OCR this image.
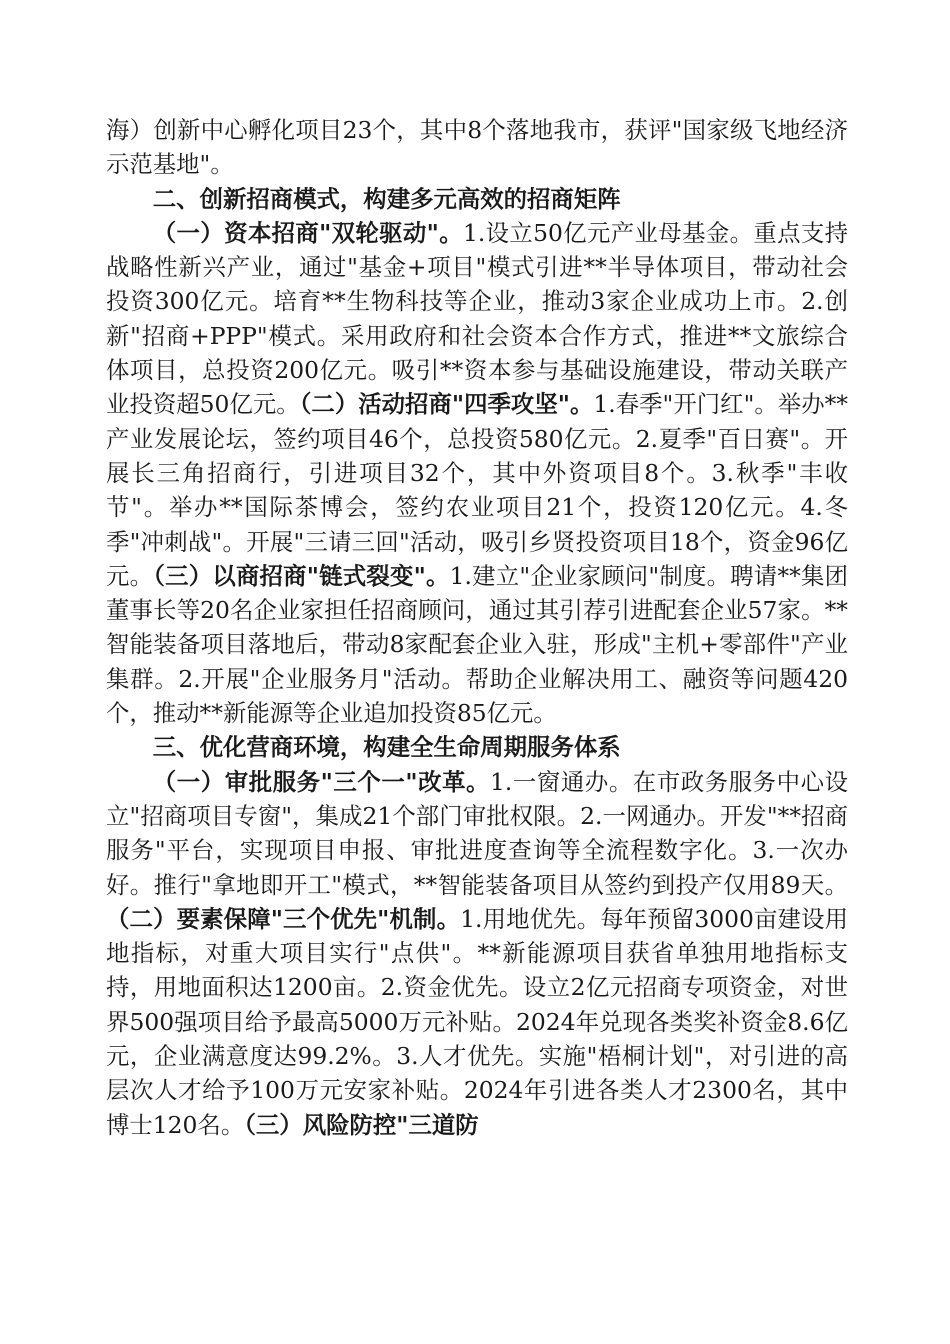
海）创新中心孵化项目23个，其中8个落地我市，获评"国家级飞地经济示范基地"。

二、创新招商模式，构建多元高效的招商矩阵

（一）资本招商"双轮驱动"。1.设立50亿元产业母基金。重点支持战略性新兴产业，通过"基金+项目"模式引进**半导体项目，带动社会投资300亿元。培育**生物科技等企业，推动3家企业成功上市。2.创新"招商+PPP"模式。采用政府和社会资本合作方式，推进**文旅综合体项目，总投资200亿元。吸引**资本参与基础设施建设，带动关联产业投资超50亿元。（二）活动招商"四季攻坚"。1.春季"开门红"。举办**产业发展论坛，签约项目46个，总投资580亿元。2.夏季"百日赛"。开展长三角招商行，引进项目32个，其中外资项目8个。3.秋季"丰收节"。举办**国际茶博会，签约农业项目21个，投资120亿元。4.冬季"冲刺战"。开展"三请三回"活动，吸引乡贤投资项目18个，资金96亿元。（三）以商招商"链式裂变"。1.建立"企业家顾问"制度。聘请**集团董事长等20名企业家担任招商顾问，通过其引荐引进配套企业57家。**智能装备项目落地后，带动8家配套企业入驻，形成"主机+零部件"产业集群。2.开展"企业服务月"活动。帮助企业解决用工、融资等问题420个，推动**新能源等企业追加投资85亿元。

三、优化营商环境，构建全生命周期服务体系

（一）审批服务"三个一"改革。1.一窗通办。在市政务服务中心设立"招商项目专窗"，集成21个部门审批权限。2.一网通办。开发"**招商服务"平台，实现项目申报、审批进度查询等全流程数字化。3.一次办好。推行"拿地即开工"模式，**智能装备项目从签约到投产仅用89天。（二）要素保障"三个优先"机制。1.用地优先。每年预留3000亩建设用地指标，对重大项目实行"点供"。**新能源项目获省单独用地指标支持，用地面积达1200亩。2.资金优先。设立2亿元招商专项资金，对世界500强项目给予最高5000万元补贴。2024年兑现各类奖补资金8.6亿元，企业满意度达99.2%。3.人才优先。实施"梧桐计划"，对引进的高层次人才给予100万元安家补贴。2024年引进各类人才2300名，其中博士120名。（三）风险防控"三道防
